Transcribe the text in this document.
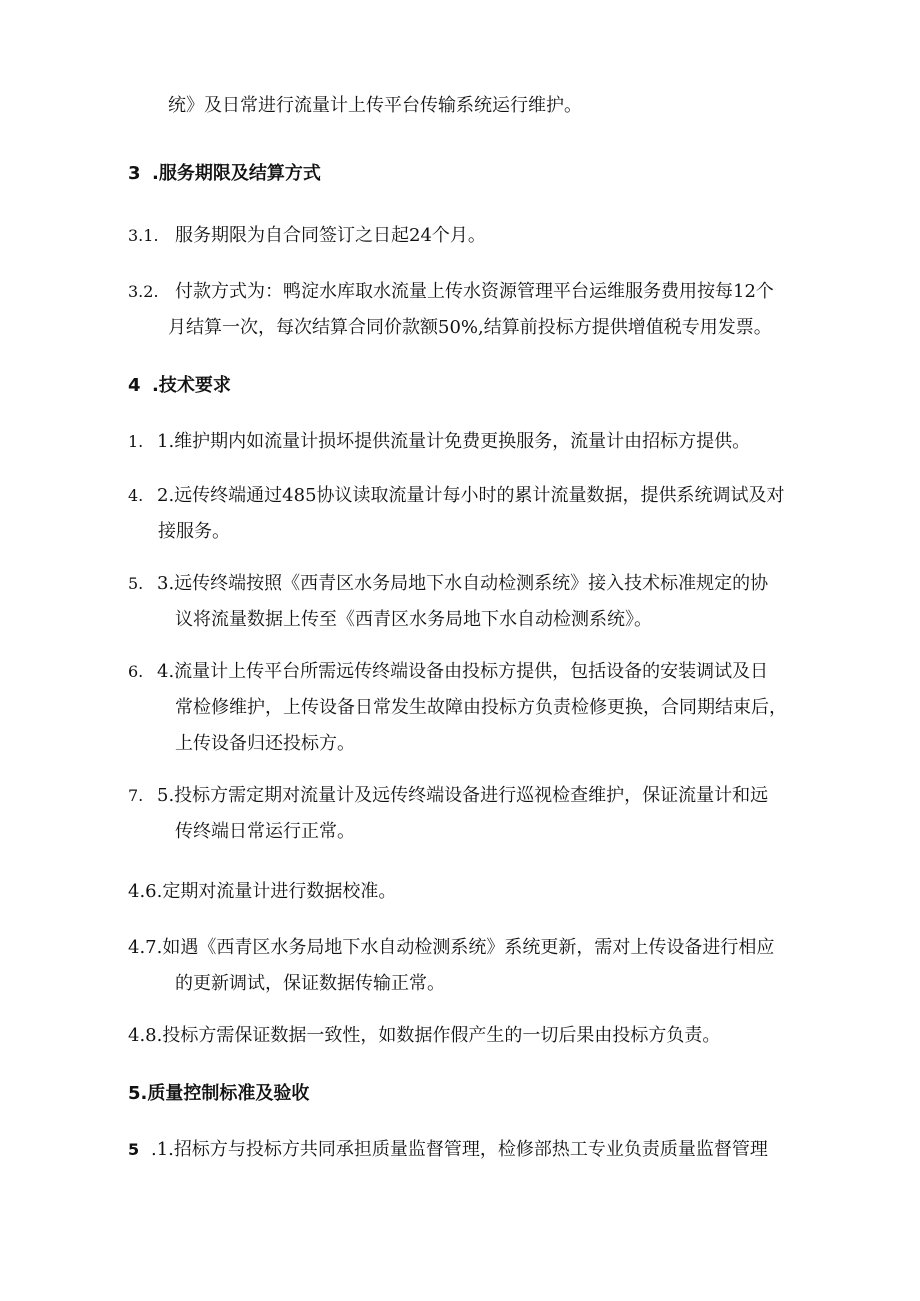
统》及日常进行流量计上传平台传输系统运行维护。
3 .服务期限及结算方式
3.1. 服务期限为自合同签订之日起24个月。
3.2. 付款方式为：鸭淀水库取水流量上传水资源管理平台运维服务费用按每12个
月结算一次，每次结算合同价款额50%,结算前投标方提供增值税专用发票。
4 .技术要求
1. 1.维护期内如流量计损坏提供流量计免费更换服务，流量计由招标方提供。
4. 2.远传终端通过485协议读取流量计每小时的累计流量数据，提供系统调试及对
接服务。
5. 3.远传终端按照《西青区水务局地下水自动检测系统》接入技术标准规定的协
议将流量数据上传至《西青区水务局地下水自动检测系统》。
6. 4.流量计上传平台所需远传终端设备由投标方提供，包括设备的安装调试及日
常检修维护，上传设备日常发生故障由投标方负责检修更换，合同期结束后，
上传设备归还投标方。
7. 5.投标方需定期对流量计及远传终端设备进行巡视检查维护，保证流量计和远
传终端日常运行正常。
4.6.定期对流量计进行数据校准。
4.7.如遇《西青区水务局地下水自动检测系统》系统更新，需对上传设备进行相应
的更新调试，保证数据传输正常。
4.8.投标方需保证数据一致性，如数据作假产生的一切后果由投标方负责。
5.质量控制标准及验收
5 .1.招标方与投标方共同承担质量监督管理，检修部热工专业负责质量监督管理
